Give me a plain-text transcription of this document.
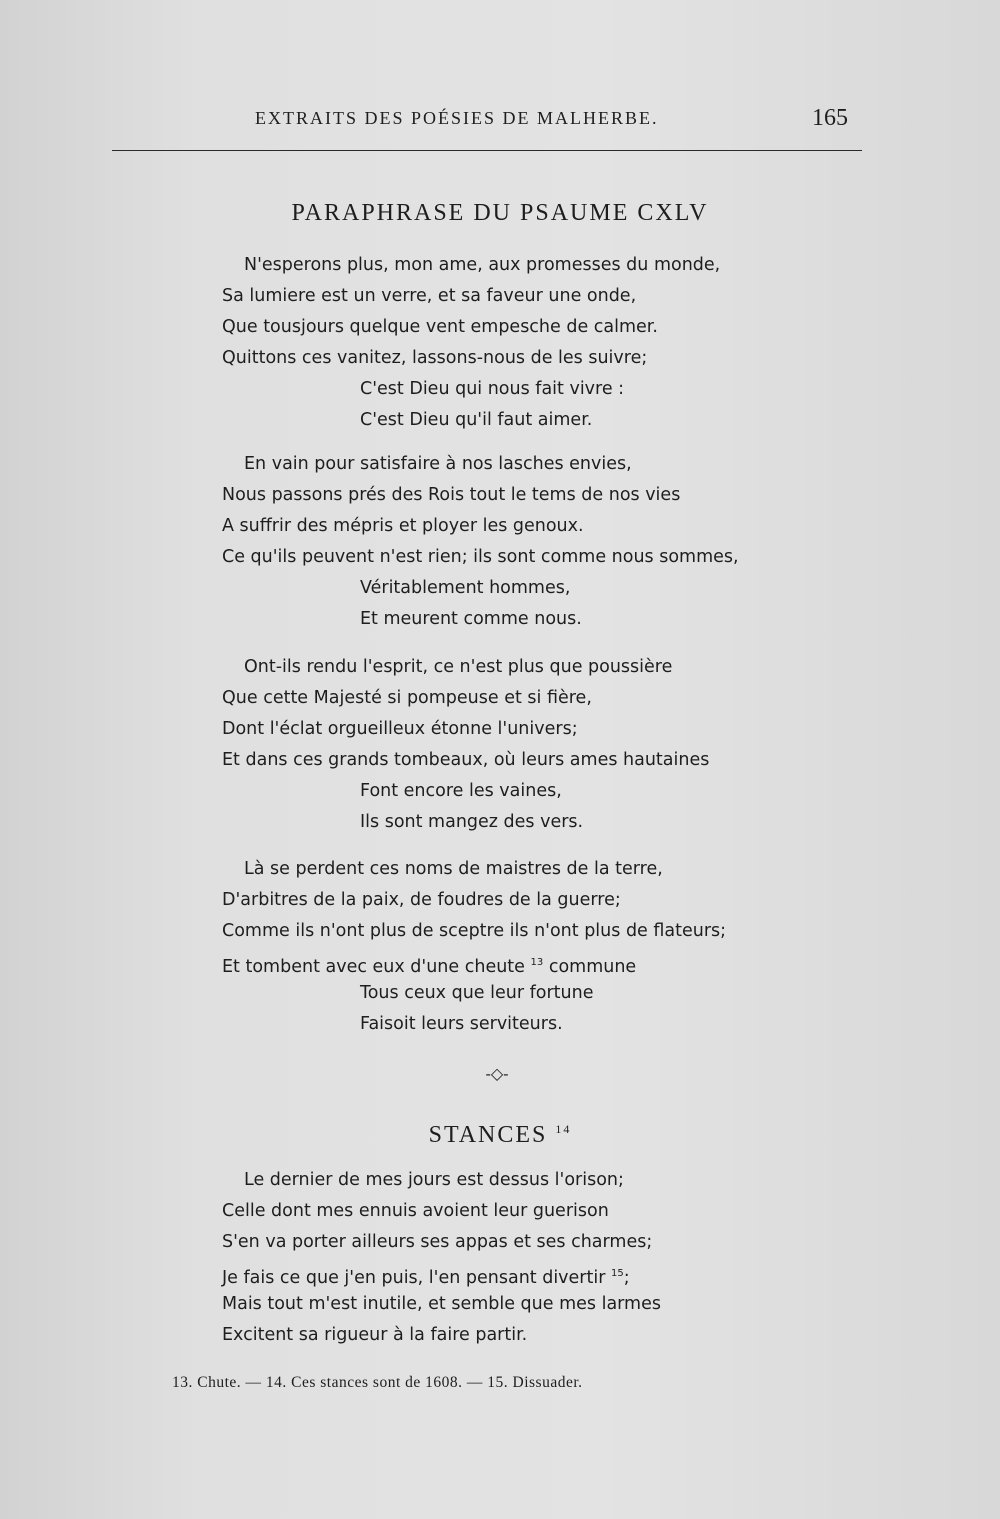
EXTRAITS DES POÉSIES DE MALHERBE.	165
PARAPHRASE DU PSAUME CXLV
N'esperons plus, mon ame, aux promesses du monde,
Sa lumiere est un verre, et sa faveur une onde,
Que tousjours quelque vent empesche de calmer.
Quittons ces vanitez, lassons-nous de les suivre;
C'est Dieu qui nous fait vivre :
C'est Dieu qu'il faut aimer.
En vain pour satisfaire à nos lasches envies,
Nous passons prés des Rois tout le tems de nos vies
A suffrir des mépris et ployer les genoux.
Ce qu'ils peuvent n'est rien; ils sont comme nous sommes,
Véritablement hommes,
Et meurent comme nous.
Ont-ils rendu l'esprit, ce n'est plus que poussière
Que cette Majesté si pompeuse et si fière,
Dont l'éclat orgueilleux étonne l'univers;
Et dans ces grands tombeaux, où leurs ames hautaines
Font encore les vaines,
Ils sont mangez des vers.
Là se perdent ces noms de maistres de la terre,
D'arbitres de la paix, de foudres de la guerre;
Comme ils n'ont plus de sceptre ils n'ont plus de flateurs;
Et tombent avec eux d'une cheute $^{13}$ commune
Tous ceux que leur fortune
Faisoit leurs serviteurs.
-◇-
STANCES $^{14}$
Le dernier de mes jours est dessus l'orison;
Celle dont mes ennuis avoient leur guerison
S'en va porter ailleurs ses appas et ses charmes;
Je fais ce que j'en puis, l'en pensant divertir $^{15}$;
Mais tout m'est inutile, et semble que mes larmes
Excitent sa rigueur à la faire partir.
13. Chute. — 14. Ces stances sont de 1608. — 15. Dissuader.
